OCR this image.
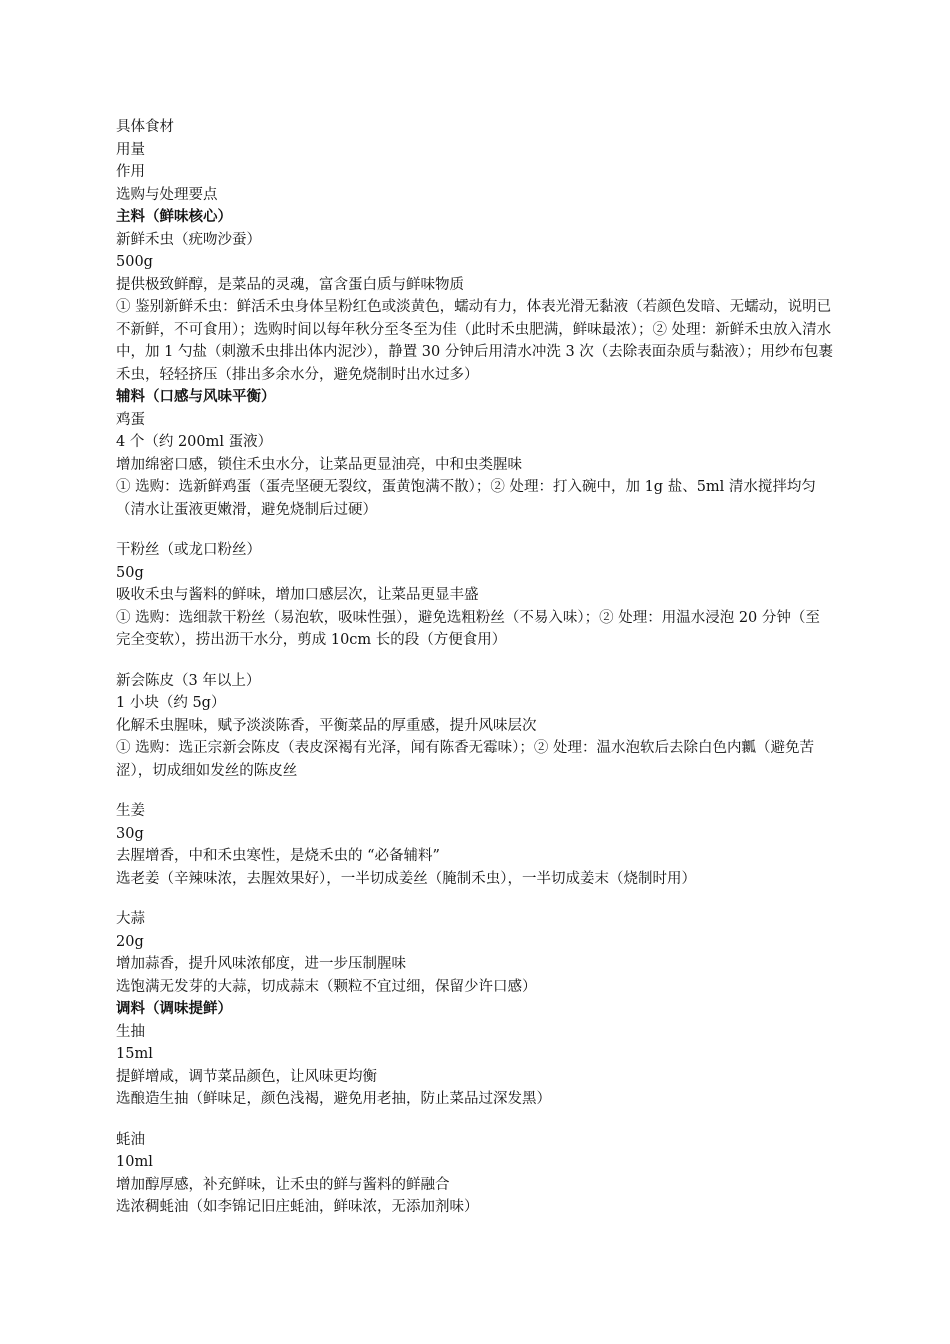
具体食材

用量

作用

选购与处理要点

主料（鲜味核心）

新鲜禾虫（疣吻沙蚕）

500g

提供极致鲜醇，是菜品的灵魂，富含蛋白质与鲜味物质

① 鉴别新鲜禾虫：鲜活禾虫身体呈粉红色或淡黄色，蠕动有力，体表光滑无黏液（若颜色发暗、无蠕动，说明已不新鲜，不可食用）；选购时间以每年秋分至冬至为佳（此时禾虫肥满，鲜味最浓）；② 处理：新鲜禾虫放入清水中，加 1 勺盐（刺激禾虫排出体内泥沙），静置 30 分钟后用清水冲洗 3 次（去除表面杂质与黏液）；用纱布包裹禾虫，轻轻挤压（排出多余水分，避免烧制时出水过多）

辅料（口感与风味平衡）

鸡蛋

4 个（约 200ml 蛋液）

增加绵密口感，锁住禾虫水分，让菜品更显油亮，中和虫类腥味

① 选购：选新鲜鸡蛋（蛋壳坚硬无裂纹，蛋黄饱满不散）；② 处理：打入碗中，加 1g 盐、5ml 清水搅拌均匀（清水让蛋液更嫩滑，避免烧制后过硬）

干粉丝（或龙口粉丝）

50g

吸收禾虫与酱料的鲜味，增加口感层次，让菜品更显丰盛

① 选购：选细款干粉丝（易泡软，吸味性强），避免选粗粉丝（不易入味）；② 处理：用温水浸泡 20 分钟（至完全变软），捞出沥干水分，剪成 10cm 长的段（方便食用）

新会陈皮（3 年以上）

1 小块（约 5g）

化解禾虫腥味，赋予淡淡陈香，平衡菜品的厚重感，提升风味层次

① 选购：选正宗新会陈皮（表皮深褐有光泽，闻有陈香无霉味）；② 处理：温水泡软后去除白色内瓤（避免苦涩），切成细如发丝的陈皮丝

生姜

30g

去腥增香，中和禾虫寒性，是烧禾虫的 “必备辅料”

选老姜（辛辣味浓，去腥效果好），一半切成姜丝（腌制禾虫），一半切成姜末（烧制时用）

大蒜

20g

增加蒜香，提升风味浓郁度，进一步压制腥味

选饱满无发芽的大蒜，切成蒜末（颗粒不宜过细，保留少许口感）

调料（调味提鲜）

生抽

15ml

提鲜增咸，调节菜品颜色，让风味更均衡

选酿造生抽（鲜味足，颜色浅褐，避免用老抽，防止菜品过深发黑）

蚝油

10ml

增加醇厚感，补充鲜味，让禾虫的鲜与酱料的鲜融合

选浓稠蚝油（如李锦记旧庄蚝油，鲜味浓，无添加剂味）
